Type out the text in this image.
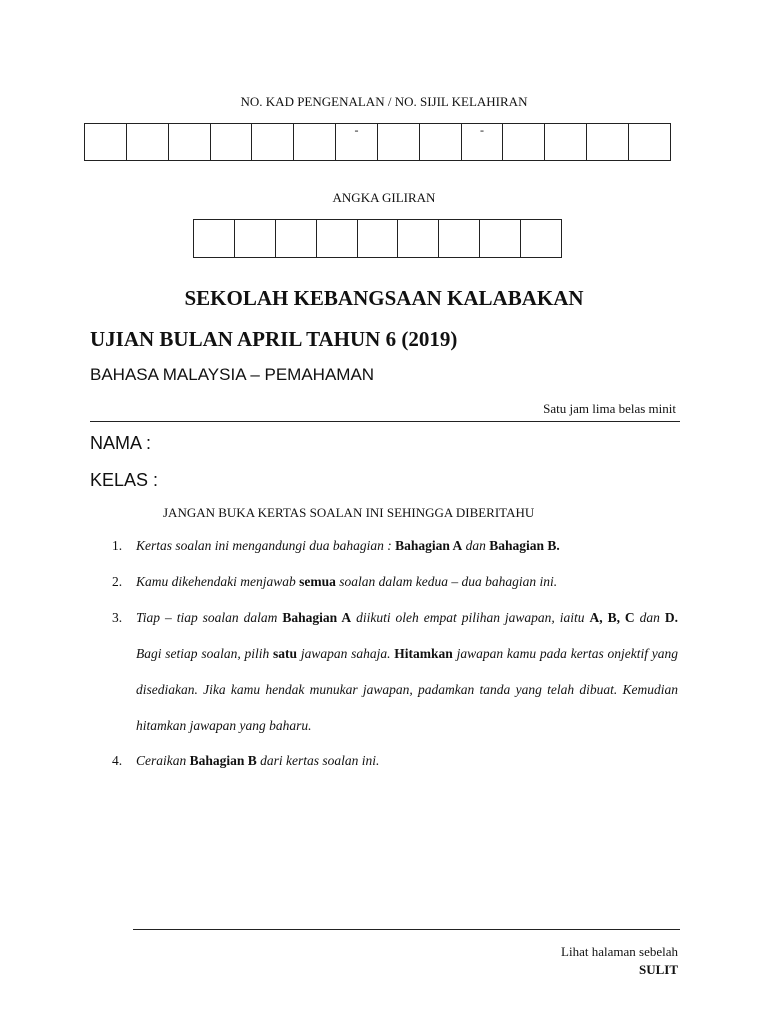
NO. KAD PENGENALAN / NO. SIJIL KELAHIRAN
-	-
ANGKA GILIRAN
SEKOLAH KEBANGSAAN KALABAKAN
UJIAN BULAN APRIL TAHUN 6 (2019)
BAHASA MALAYSIA – PEMAHAMAN
Satu jam lima belas minit
NAMA :
KELAS :
JANGAN BUKA KERTAS SOALAN INI SEHINGGA DIBERITAHU
1. Kertas soalan ini mengandungi dua bahagian : Bahagian A dan Bahagian B.
2. Kamu dikehendaki menjawab semua soalan dalam kedua – dua bahagian ini.
3. Tiap – tiap soalan dalam Bahagian A diikuti oleh empat pilihan jawapan, iaitu A, B, C dan D. Bagi setiap soalan, pilih satu jawapan sahaja. Hitamkan jawapan kamu pada kertas onjektif yang disediakan. Jika kamu hendak munukar jawapan, padamkan tanda yang telah dibuat. Kemudian hitamkan jawapan yang baharu.
4. Ceraikan Bahagian B dari kertas soalan ini.
Lihat halaman sebelah
SULIT
